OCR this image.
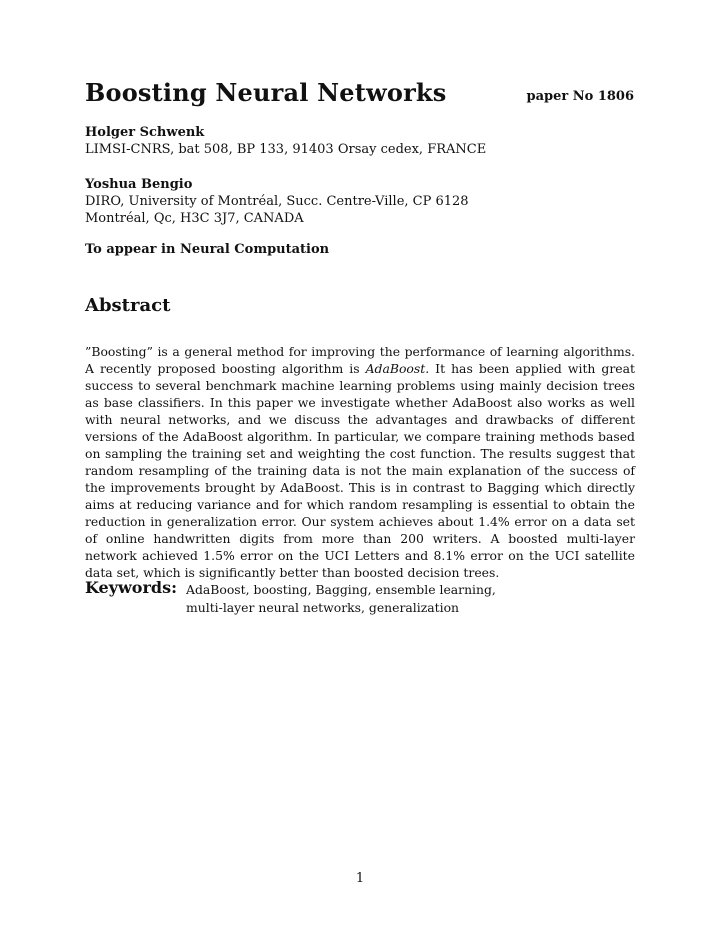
Boosting Neural Networks	paper No 1806
Holger Schwenk
LIMSI-CNRS, bat 508, BP 133, 91403 Orsay cedex, FRANCE
Yoshua Bengio
DIRO, University of Montréal, Succ. Centre-Ville, CP 6128
Montréal, Qc, H3C 3J7, CANADA
To appear in Neural Computation
Abstract

”Boosting” is a general method for improving the performance of learning algorithms. A recently proposed boosting algorithm is AdaBoost. It has been applied with great success to several benchmark machine learning problems using mainly decision trees as base classifiers. In this paper we investigate whether AdaBoost also works as well with neural networks, and we discuss the advantages and drawbacks of different versions of the AdaBoost algorithm. In particular, we compare training methods based on sampling the training set and weighting the cost function. The results suggest that random resampling of the training data is not the main explanation of the success of the improvements brought by AdaBoost. This is in contrast to Bagging which directly aims at reducing variance and for which random resampling is essential to obtain the reduction in generalization error. Our system achieves about 1.4% error on a data set of online handwritten digits from more than 200 writers. A boosted multi-layer network achieved 1.5% error on the UCI Letters and 8.1% error on the UCI satellite data set, which is significantly better than boosted decision trees.

Keywords: AdaBoost, boosting, Bagging, ensemble learning,
multi-layer neural networks, generalization
1
